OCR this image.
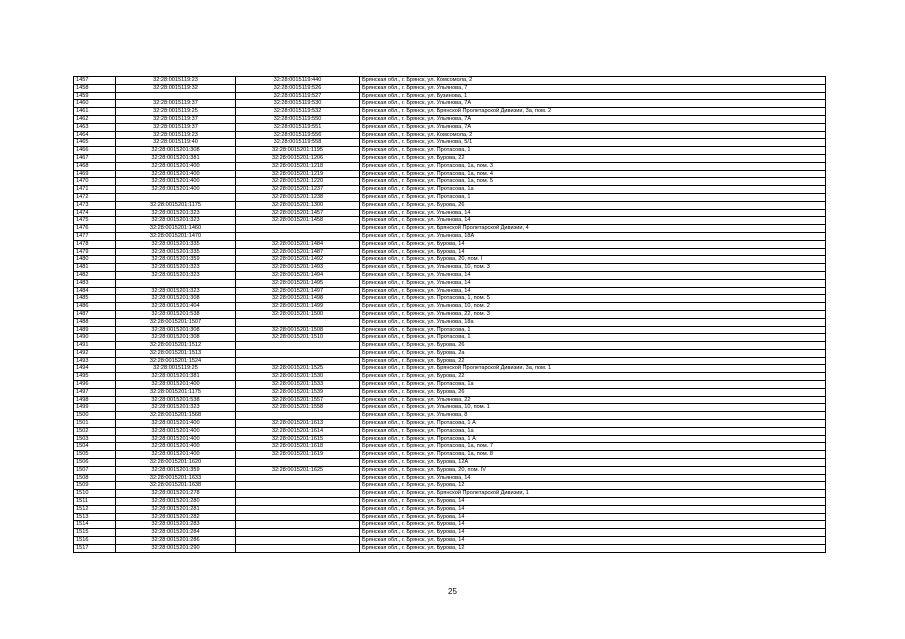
1457	32:28:0015119:23	32:28:0015119:440	Брянская обл., г. Брянск, ул. Комсомола, 2
1458	32:28:0015119:32	32:28:0015119:526	Брянская обл., г. Брянск, ул. Ульянова, 7
1459		32:28:0015119:527	Брянская обл., г. Брянск, ул. Бузинова, 1
1460	32:28:0015119:37	32:28:0015119:530	Брянская обл., г. Брянск, ул. Ульянова, 7А
1461	32:28:0015119:25	32:28:0015119:532	Брянская обл., г. Брянск, ул. Брянской Пролетарской Дивизии, 3а, пом. 2
1462	32:28:0015119:37	32:28:0015119:550	Брянская обл., г. Брянск, ул. Ульянова, 7А
1463	32:28:0015119:37	32:28:0015119:551	Брянская обл., г. Брянск, ул. Ульянова, 7А
1464	32:28:0015119:23	32:28:0015119:556	Брянская обл., г. Брянск, ул. Комсомола, 2
1465	32:28:0015119:40	32:28:0015119:558	Брянская обл., г. Брянск, ул. Ульянова, 5/1
1466	32:28:0015201:308	32:28:0015201:1195	Брянская обл., г. Брянск, ул. Протасова, 1
1467	32:28:0015201:381	32:28:0015201:1206	Брянская обл., г. Брянск, ул. Бурова, 22
1468	32:28:0015201:400	32:28:0015201:1218	Брянская обл., г. Брянск, ул. Протасова, 1а, пом. 3
1469	32:28:0015201:400	32:28:0015201:1219	Брянская обл., г. Брянск, ул. Протасова, 1а, пом. 4
1470	32:28:0015201:400	32:28:0015201:1220	Брянская обл., г. Брянск, ул. Протасова, 1а, пом. 5
1471	32:28:0015201:400	32:28:0015201:1237	Брянская обл., г. Брянск, ул. Протасова, 1а
1472		32:28:0015201:1238	Брянская обл., г. Брянск, ул. Протасова, 1
1473	32:28:0015201:1175	32:28:0015201:1300	Брянская обл., г. Брянск, ул. Бурова, 26
1474	32:28:0015201:323	32:28:0015201:1457	Брянская обл., г. Брянск, ул. Ульянова, 14
1475	32:28:0015201:323	32:28:0015201:1458	Брянская обл., г. Брянск, ул. Ульянова, 14
1476	32:28:0015201:1460		Брянская обл., г. Брянск, ул. Брянской Пролетарской Дивизии, 4
1477	32:28:0015201:1470		Брянская обл., г. Брянск, ул. Ульянова, 18А
1478	32:28:0015201:335	32:28:0015201:1484	Брянская обл., г. Брянск, ул. Бурова, 14
1479	32:28:0015201:335	32:28:0015201:1487	Брянская обл., г. Брянск, ул. Бурова, 14
1480	32:28:0015201:359	32:28:0015201:1492	Брянская обл., г. Брянск, ул. Бурова, 20, пом. I
1481	32:28:0015201:323	32:28:0015201:1493	Брянская обл., г. Брянск, ул. Ульянова, 10, пом. 3
1482	32:28:0015201:323	32:28:0015201:1494	Брянская обл., г. Брянск, ул. Ульянова, 14
1483		32:28:0015201:1495	Брянская обл., г. Брянск, ул. Ульянова, 14
1484	32:28:0015201:323	32:28:0015201:1497	Брянская обл., г. Брянск, ул. Ульянова, 14
1485	32:28:0015201:308	32:28:0015201:1498	Брянская обл., г. Брянск, ул. Протасова, 1, пом. 5
1486	32:28:0015201:404	32:28:0015201:1499	Брянская обл., г. Брянск, ул. Ульянова, 10, пом. 2
1487	32:28:0015201:538	32:28:0015201:1500	Брянская обл., г. Брянск, ул. Ульянова, 22, пом. 3
1488	32:28:0015201:1507		Брянская обл., г. Брянск, ул. Ульянова, 18а
1489	32:28:0015201:308	32:28:0015201:1508	Брянская обл., г. Брянск, ул. Протасова, 1
1490	32:28:0015201:308	32:28:0015201:1510	Брянская обл., г. Брянск, ул. Протасова, 1
1491	32:28:0015201:1512		Брянская обл., г. Брянск, ул. Бурова, 26
1492	32:28:0015201:1513		Брянская обл., г. Брянск, ул. Бурова, 2а
1493	32:28:0015201:1524		Брянская обл., г. Брянск, ул. Бурова, 22
1494	32:28:0015119:25	32:28:0015201:1525	Брянская обл., г. Брянск, ул. Брянской Пролетарской Дивизии, 3а, пом. 1
1495	32:28:0015201:381	32:28:0015201:1530	Брянская обл., г. Брянск, ул. Бурова, 22
1496	32:28:0015201:400	32:28:0015201:1533	Брянская обл., г. Брянск, ул. Протасова, 1а
1497	32:28:0015201:1175	32:28:0015201:1539	Брянская обл., г. Брянск, ул. Бурова, 26
1498	32:28:0015201:538	32:28:0015201:1557	Брянская обл., г. Брянск, ул. Ульянова, 22
1499	32:28:0015201:323	32:28:0015201:1558	Брянская обл., г. Брянск, ул. Ульянова, 10, пом. 1
1500	32:28:0015201:1568		Брянская обл., г. Брянск, ул. Ульянова, 8
1501	32:28:0015201:400	32:28:0015201:1613	Брянская обл., г. Брянск, ул. Протасова, 1 А
1502	32:28:0015201:400	32:28:0015201:1614	Брянская обл., г. Брянск, ул. Протасова, 1а
1503	32:28:0015201:400	32:28:0015201:1615	Брянская обл., г. Брянск, ул. Протасова, 1 А
1504	32:28:0015201:400	32:28:0015201:1618	Брянская обл., г. Брянск, ул. Протасова, 1а, пом. 7
1505	32:28:0015201:400	32:28:0015201:1619	Брянская обл., г. Брянск, ул. Протасова, 1а, пом. 8
1506	32:28:0015201:1620		Брянская обл., г. Брянск, ул. Бурова, 12А
1507	32:28:0015201:359	32:28:0015201:1625	Брянская обл., г. Брянск, ул. Бурова, 20, пом. IV
1508	32:28:0015201:1633		Брянская обл., г. Брянск, ул. Ульянова, 14
1509	32:28:0015201:1638		Брянская обл., г. Брянск, ул. Бурова, 12
1510	32:28:0015201:278		Брянская обл., г. Брянск, ул. Брянской Пролетарской Дивизии, 1
1511	32:28:0015201:280		Брянская обл., г. Брянск, ул. Бурова, 14
1512	32:28:0015201:281		Брянская обл., г. Брянск, ул. Бурова, 14
1513	32:28:0015201:282		Брянская обл., г. Брянск, ул. Бурова, 14
1514	32:28:0015201:283		Брянская обл., г. Брянск, ул. Бурова, 14
1515	32:28:0015201:284		Брянская обл., г. Брянск, ул. Бурова, 14
1516	32:28:0015201:286		Брянская обл., г. Брянск, ул. Бурова, 14
1517	32:28:0015201:290		Брянская обл., г. Брянск, ул. Бурова, 12
25
